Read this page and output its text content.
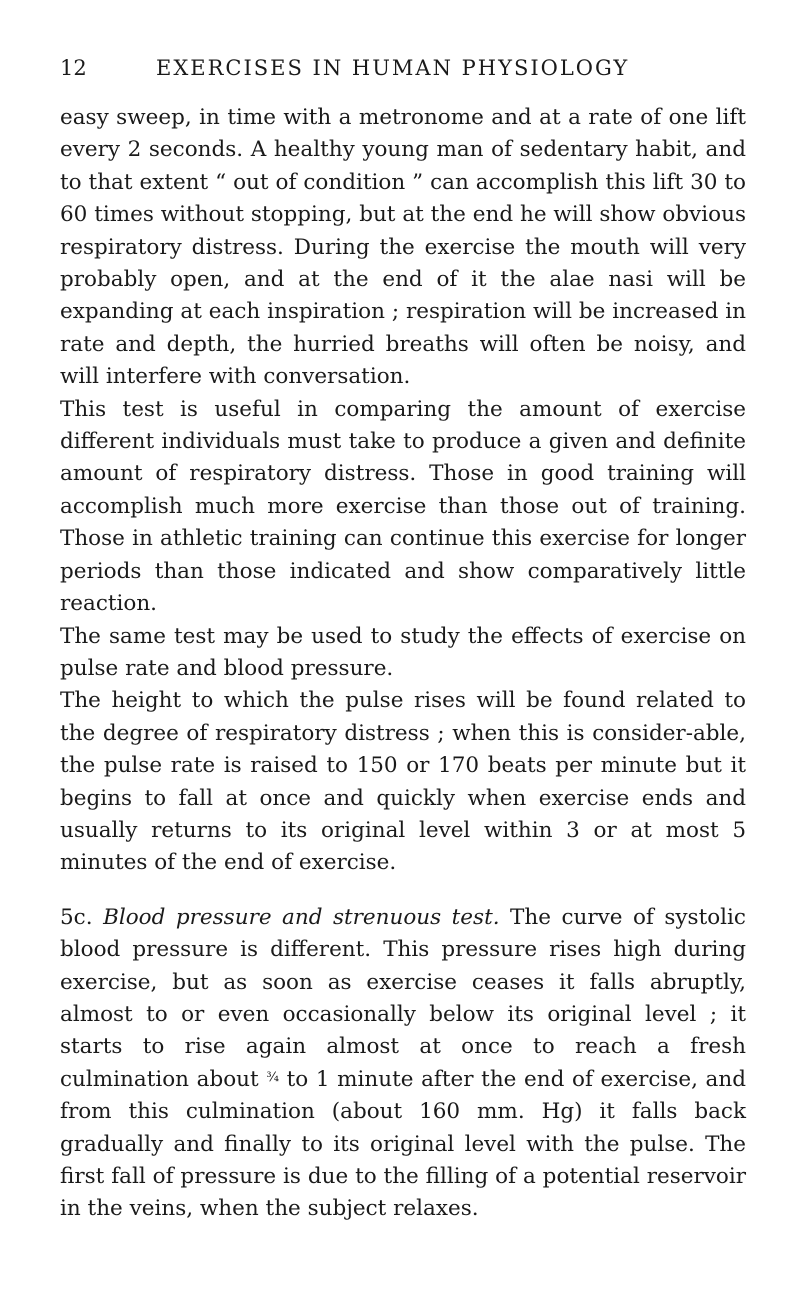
12	EXERCISES IN HUMAN PHYSIOLOGY

easy sweep, in time with a metronome and at a rate of one lift every 2 seconds. A healthy young man of sedentary habit, and to that extent “ out of condition ” can accomplish this lift 30 to 60 times without stopping, but at the end he will show obvious respiratory distress. During the exercise the mouth will very probably open, and at the end of it the alae nasi will be expanding at each inspiration ; respiration will be increased in rate and depth, the hurried breaths will often be noisy, and will interfere with conversation.

This test is useful in comparing the amount of exercise different individuals must take to produce a given and definite amount of respiratory distress. Those in good training will accomplish much more exercise than those out of training. Those in athletic training can continue this exercise for longer periods than those indicated and show comparatively little reaction.

The same test may be used to study the effects of exercise on pulse rate and blood pressure.

The height to which the pulse rises will be found related to the degree of respiratory distress ; when this is consider-able, the pulse rate is raised to 150 or 170 beats per minute but it begins to fall at once and quickly when exercise ends and usually returns to its original level within 3 or at most 5 minutes of the end of exercise.

5c. Blood pressure and strenuous test. The curve of systolic blood pressure is different. This pressure rises high during exercise, but as soon as exercise ceases it falls abruptly, almost to or even occasionally below its original level ; it starts to rise again almost at once to reach a fresh culmination about ¾ to 1 minute after the end of exercise, and from this culmination (about 160 mm. Hg) it falls back gradually and finally to its original level with the pulse. The first fall of pressure is due to the filling of a potential reservoir in the veins, when the subject relaxes.
